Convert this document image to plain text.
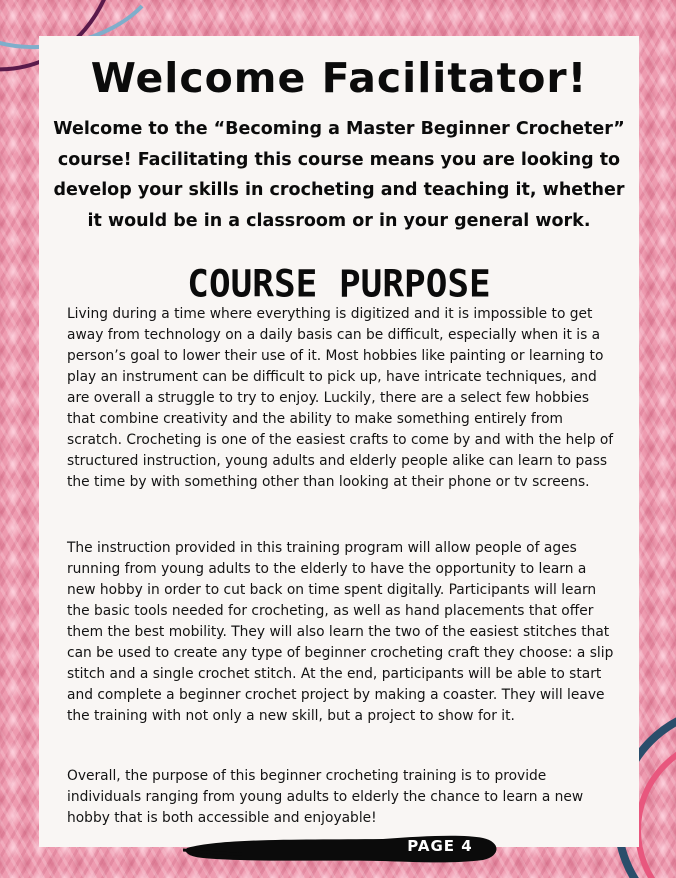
Welcome Facilitator!
Welcome to the “Becoming a Master Beginner Crocheter” course! Facilitating this course means you are looking to develop your skills in crocheting and teaching it, whether it would be in a classroom or in your general work.
COURSE PURPOSE
Living during a time where everything is digitized and it is impossible to get away from technology on a daily basis can be difficult, especially when it is a person’s goal to lower their use of it. Most hobbies like painting or learning to play an instrument can be difficult to pick up, have intricate techniques, and are overall a struggle to try to enjoy. Luckily, there are a select few hobbies that combine creativity and the ability to make something entirely from scratch. Crocheting is one of the easiest crafts to come by and with the help of structured instruction, young adults and elderly people alike can learn to pass the time by with something other than looking at their phone or tv screens.
The instruction provided in this training program will allow people of ages running from young adults to the elderly to have the opportunity to learn a new hobby in order to cut back on time spent digitally. Participants will learn the basic tools needed for crocheting, as well as hand placements that offer them the best mobility. They will also learn the two of the easiest stitches that can be used to create any type of beginner crocheting craft they choose: a slip stitch and a single crochet stitch. At the end, participants will be able to start and complete a beginner crochet project by making a coaster. They will leave the training with not only a new skill, but a project to show for it.
Overall, the purpose of this beginner crocheting training is to provide individuals ranging from young adults to elderly the chance to learn a new hobby that is both accessible and enjoyable!
PAGE 4
